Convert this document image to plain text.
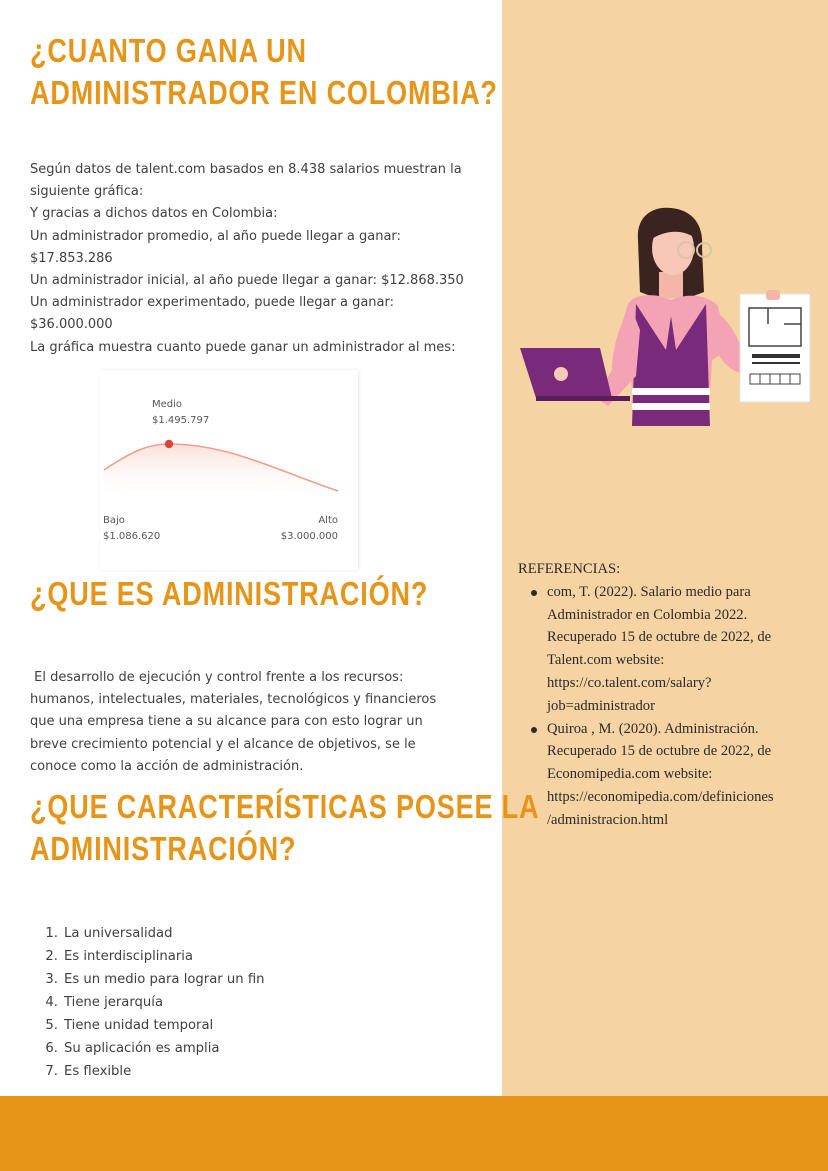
¿CUANTO GANA UN
ADMINISTRADOR EN COLOMBIA?
Según datos de talent.com basados en 8.438 salarios muestran la
siguiente gráfica:
Y gracias a dichos datos en Colombia:
Un administrador promedio, al año puede llegar a ganar:
$17.853.286
Un administrador inicial, al año puede llegar a ganar: $12.868.350
Un administrador experimentado, puede llegar a ganar:
$36.000.000
La gráfica muestra cuanto puede ganar un administrador al mes:
Medio
$1.495.797
Bajo
$1.086.620
Alto
$3.000.000
¿QUE ES ADMINISTRACIÓN?
El desarrollo de ejecución y control frente a los recursos:
humanos, intelectuales, materiales, tecnológicos y financieros
que una empresa tiene a su alcance para con esto lograr un
breve crecimiento potencial y el alcance de objetivos, se le
conoce como la acción de administración.
¿QUE CARACTERÍSTICAS POSEE LA
ADMINISTRACIÓN?
1. La universalidad
2. Es interdisciplinaria
3. Es un medio para lograr un fin
4. Tiene jerarquía
5. Tiene unidad temporal
6. Su aplicación es amplia
7. Es flexible
REFERENCIAS:
com, T. (2022). Salario medio para
Administrador en Colombia 2022.
Recuperado 15 de octubre de 2022, de
Talent.com website:
https://co.talent.com/salary?
job=administrador
Quiroa , M. (2020). Administración.
Recuperado 15 de octubre de 2022, de
Economipedia.com website:
https://economipedia.com/definiciones
/administracion.html
